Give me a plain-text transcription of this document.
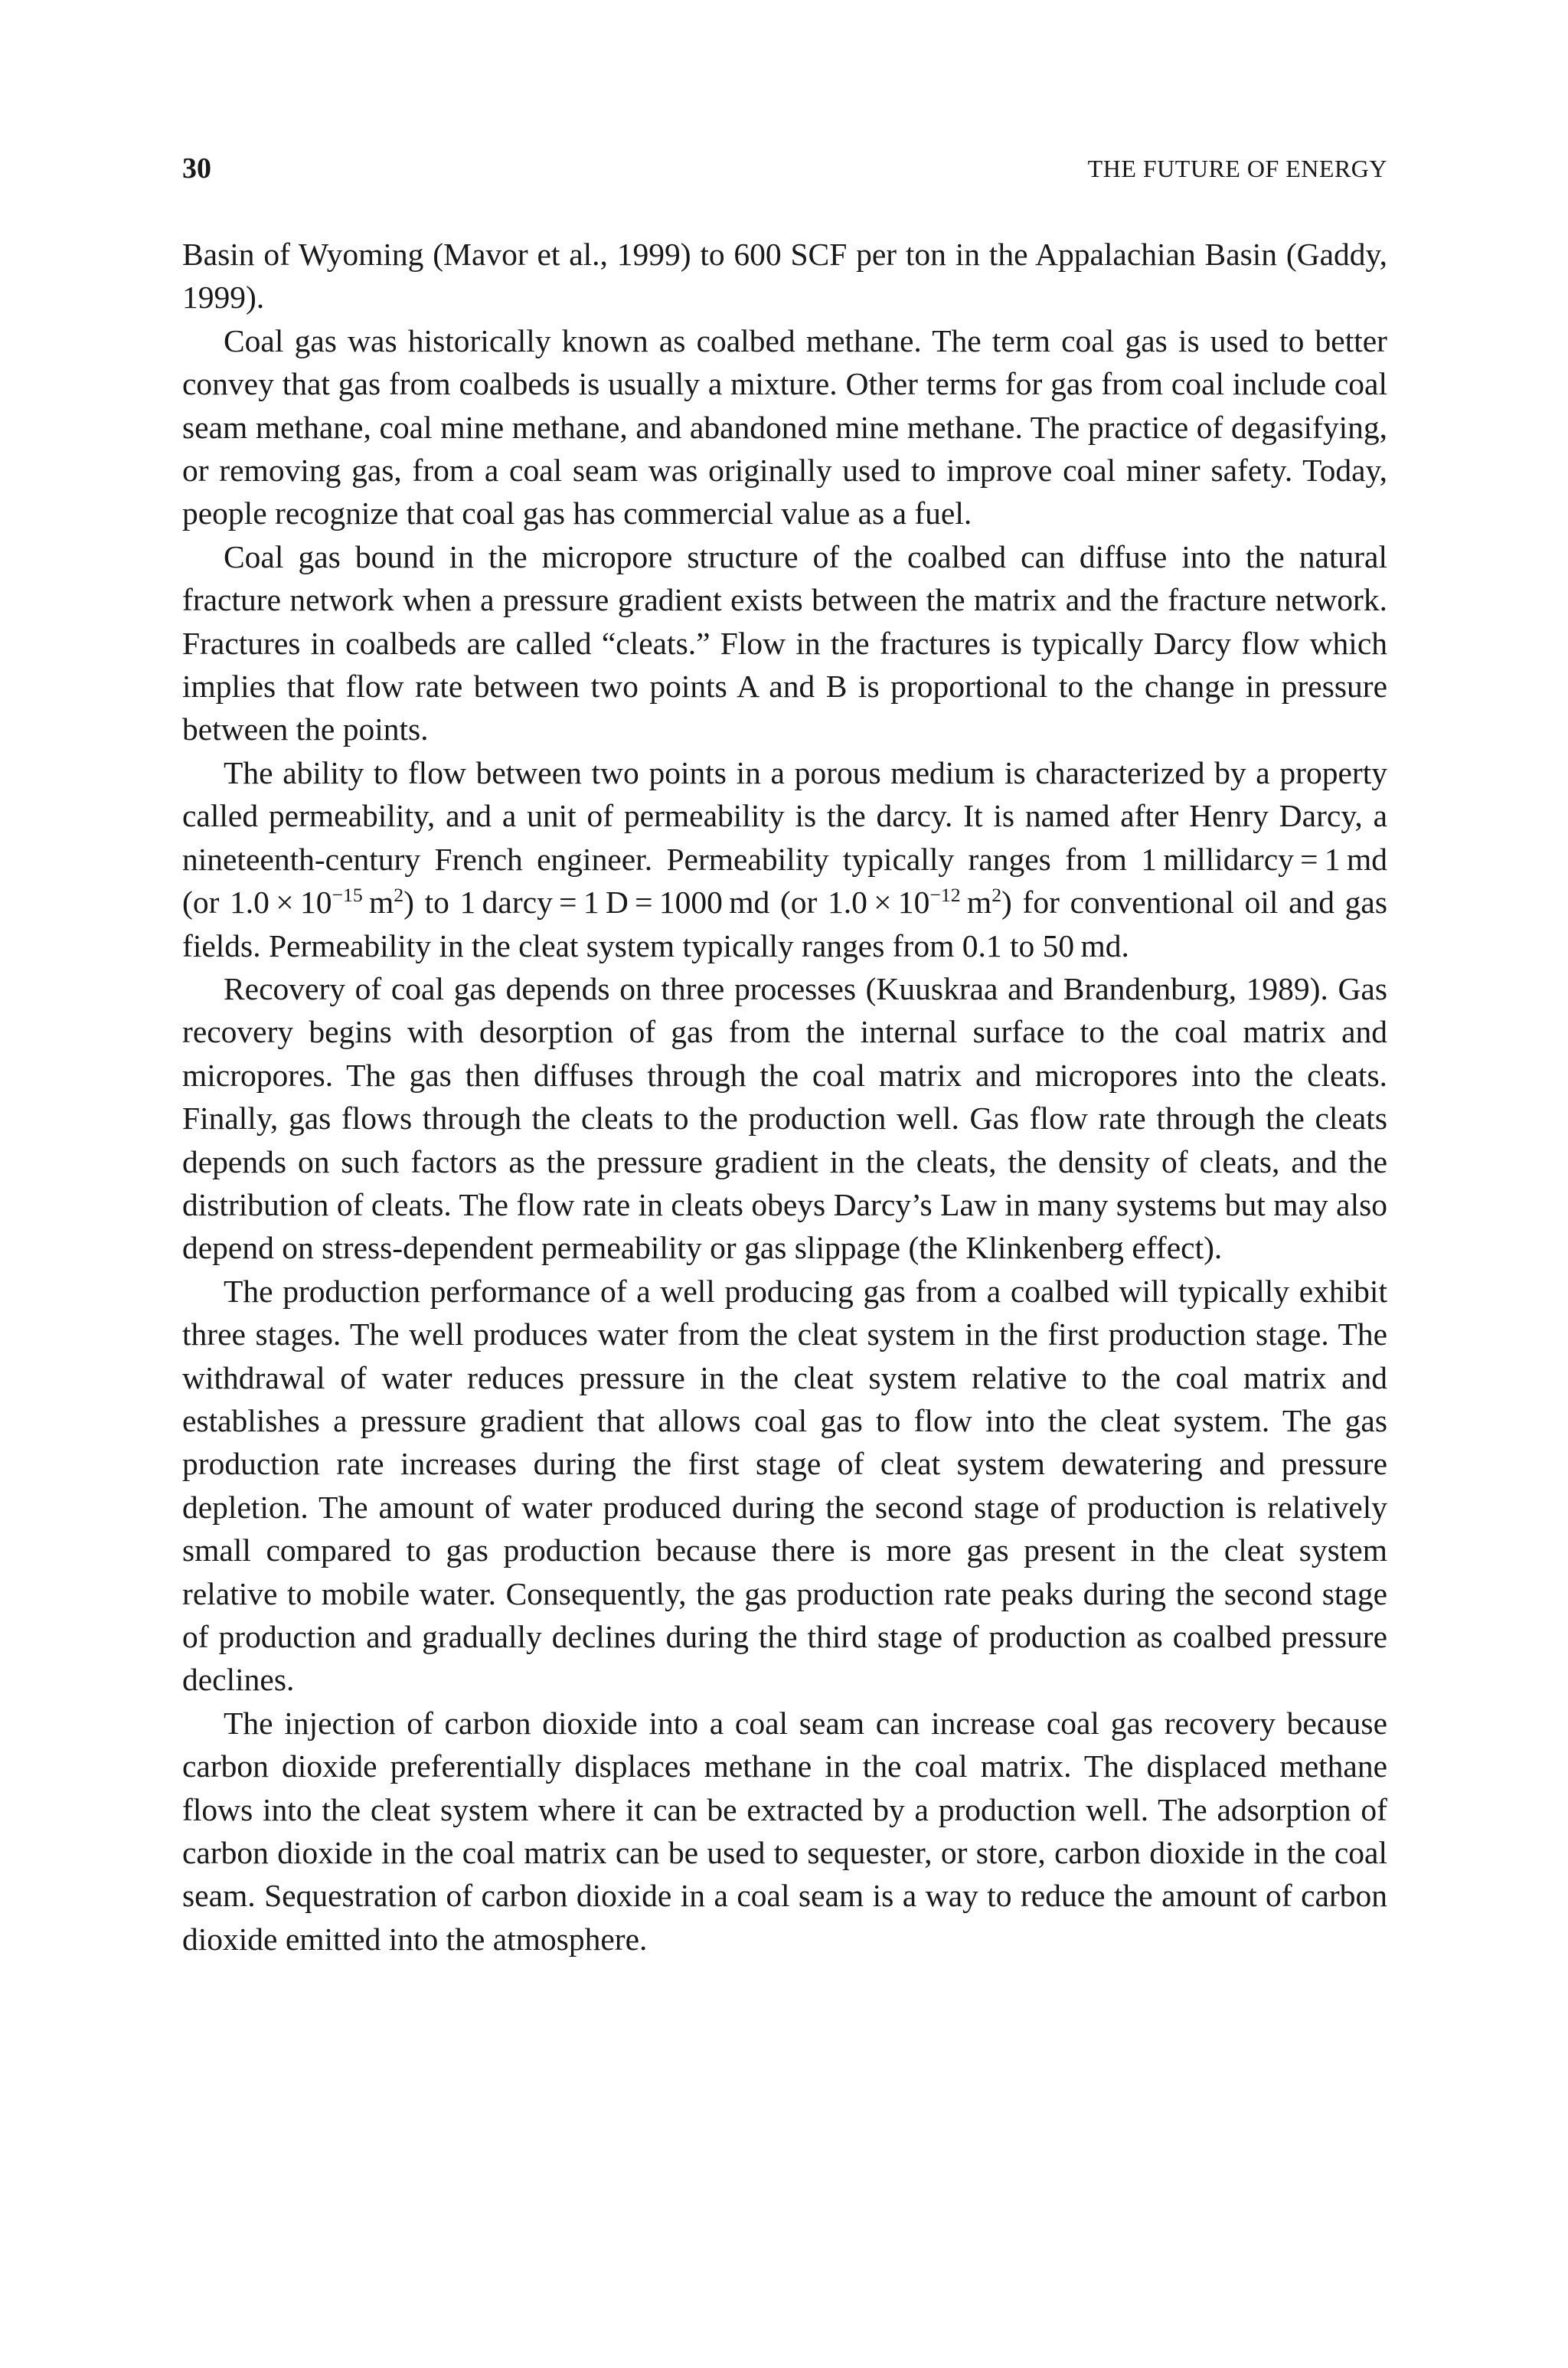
30	THE FUTURE OF ENERGY

Basin of Wyoming (Mavor et al., 1999) to 600 SCF per ton in the Appalachian Basin (Gaddy, 1999).

Coal gas was historically known as coalbed methane. The term coal gas is used to better convey that gas from coalbeds is usually a mixture. Other terms for gas from coal include coal seam methane, coal mine methane, and abandoned mine methane. The practice of degasifying, or removing gas, from a coal seam was originally used to improve coal miner safety. Today, people recognize that coal gas has commercial value as a fuel.

Coal gas bound in the micropore structure of the coalbed can diffuse into the natural fracture network when a pressure gradient exists between the matrix and the fracture network. Fractures in coalbeds are called “cleats.” Flow in the fractures is typically Darcy flow which implies that flow rate between two points A and B is proportional to the change in pressure between the points.

The ability to flow between two points in a porous medium is characterized by a property called permeability, and a unit of permeability is the darcy. It is named after Henry Darcy, a nineteenth-century French engineer. Permeability typically ranges from 1 millidarcy = 1 md (or $1.0 \times 10^{-15}$ $m^2$) to 1 darcy = 1 D = 1000 md (or $1.0 \times 10^{-12}$ $m^2$) for conventional oil and gas fields. Permeability in the cleat system typically ranges from 0.1 to 50 md.

Recovery of coal gas depends on three processes (Kuuskraa and Brandenburg, 1989). Gas recovery begins with desorption of gas from the internal surface to the coal matrix and micropores. The gas then diffuses through the coal matrix and micropores into the cleats. Finally, gas flows through the cleats to the production well. Gas flow rate through the cleats depends on such factors as the pressure gradient in the cleats, the density of cleats, and the distribution of cleats. The flow rate in cleats obeys Darcy’s Law in many systems but may also depend on stress-dependent permeability or gas slippage (the Klinkenberg effect).

The production performance of a well producing gas from a coalbed will typically exhibit three stages. The well produces water from the cleat system in the first production stage. The withdrawal of water reduces pressure in the cleat system relative to the coal matrix and establishes a pressure gradient that allows coal gas to flow into the cleat system. The gas production rate increases during the first stage of cleat system dewatering and pressure depletion. The amount of water produced during the second stage of production is relatively small compared to gas production because there is more gas present in the cleat system relative to mobile water. Consequently, the gas production rate peaks during the second stage of production and gradually declines during the third stage of production as coalbed pressure declines.

The injection of carbon dioxide into a coal seam can increase coal gas recovery because carbon dioxide preferentially displaces methane in the coal matrix. The displaced methane flows into the cleat system where it can be extracted by a production well. The adsorption of carbon dioxide in the coal matrix can be used to sequester, or store, carbon dioxide in the coal seam. Sequestration of carbon dioxide in a coal seam is a way to reduce the amount of carbon dioxide emitted into the atmosphere.
